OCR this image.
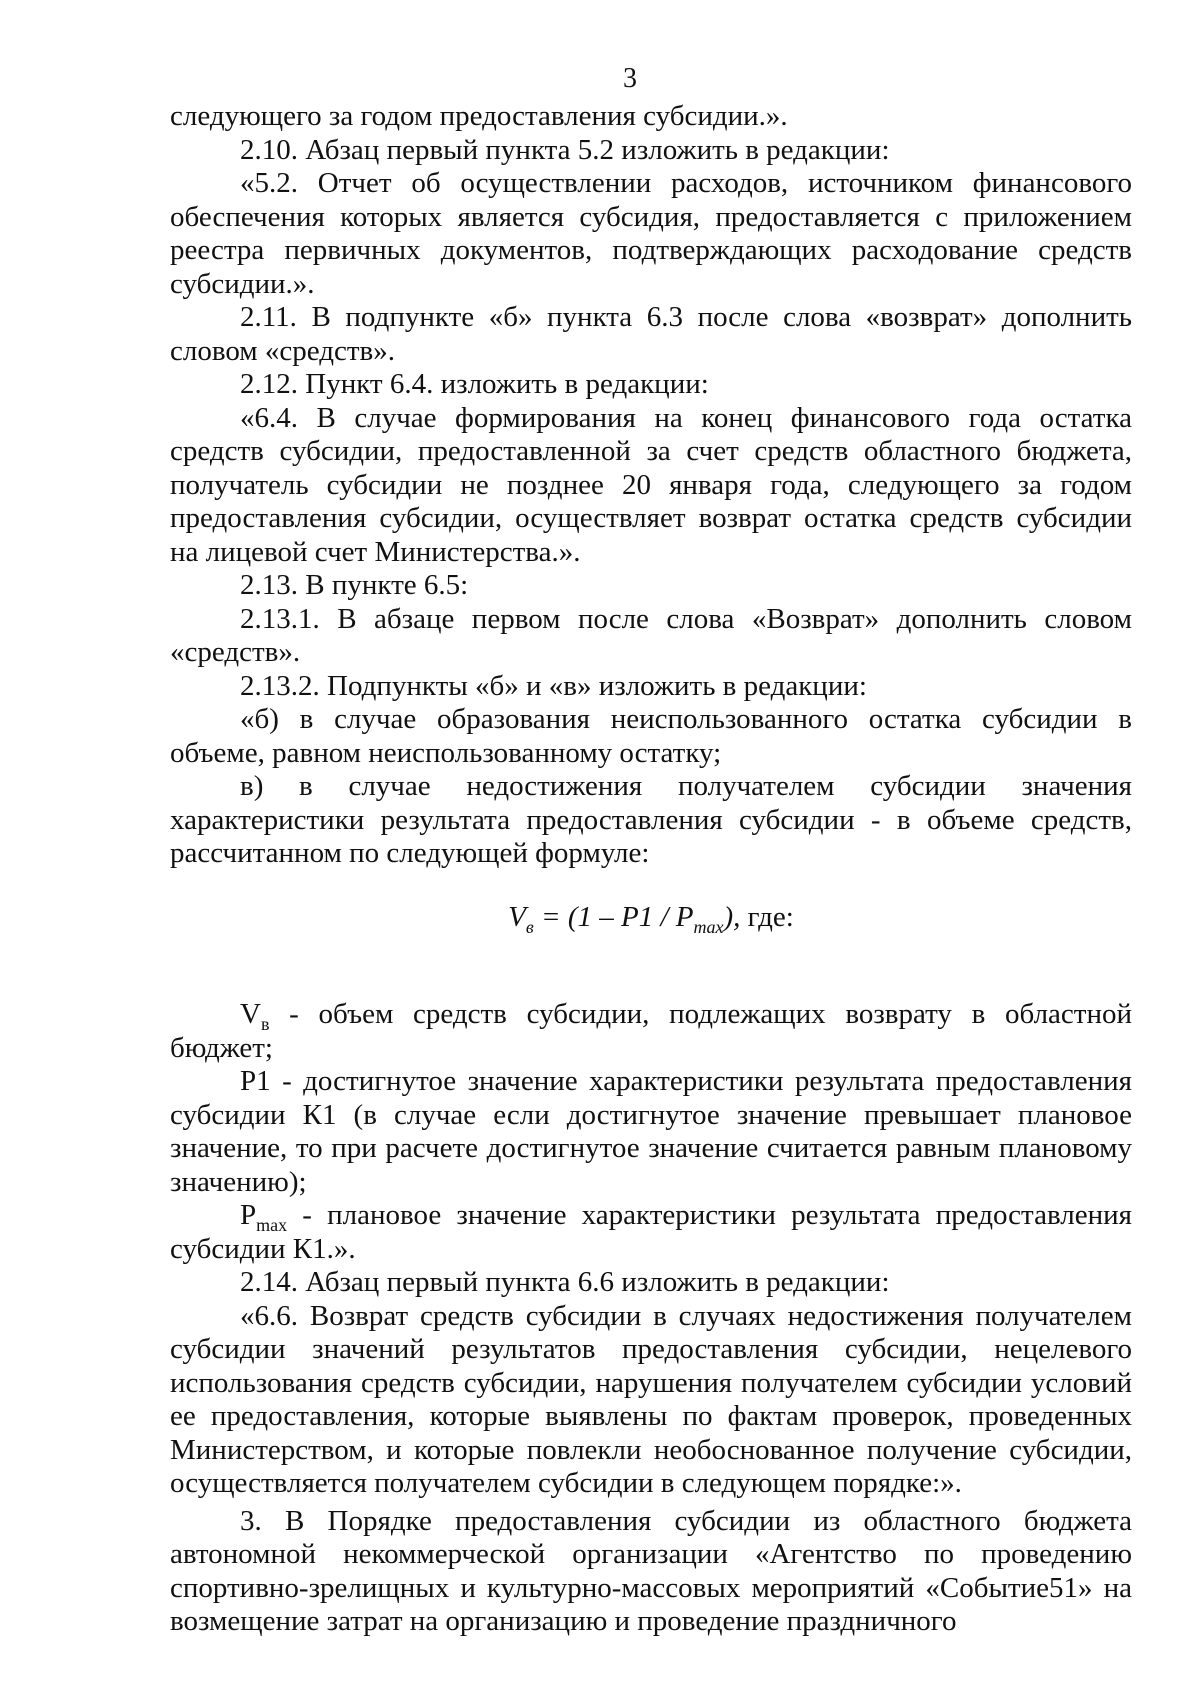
3

следующего за годом предоставления субсидии.».

2.10. Абзац первый пункта 5.2 изложить в редакции:

«5.2. Отчет об осуществлении расходов, источником финансового обеспечения которых является субсидия, предоставляется с приложением реестра первичных документов, подтверждающих расходование средств субсидии.».

2.11. В подпункте «б» пункта 6.3 после слова «возврат» дополнить словом «средств».

2.12. Пункт 6.4. изложить в редакции:

«6.4. В случае формирования на конец финансового года остатка средств субсидии, предоставленной за счет средств областного бюджета, получатель субсидии не позднее 20 января года, следующего за годом предоставления субсидии, осуществляет возврат остатка средств субсидии на лицевой счет Министерства.».

2.13. В пункте 6.5:

2.13.1. В абзаце первом после слова «Возврат» дополнить словом «средств».

2.13.2. Подпункты «б» и «в» изложить в редакции:

«б) в случае образования неиспользованного остатка субсидии в объеме, равном неиспользованному остатку;

в) в случае недостижения получателем субсидии значения характеристики результата предоставления субсидии - в объеме средств, рассчитанном по следующей формуле:

$V_в = (1 - P1 / P_{max})$, где:

$V_в$ - объем средств субсидии, подлежащих возврату в областной бюджет;

P1 - достигнутое значение характеристики результата предоставления субсидии К1 (в случае если достигнутое значение превышает плановое значение, то при расчете достигнутое значение считается равным плановому значению);

$P_{max}$ - плановое значение характеристики результата предоставления субсидии К1.».

2.14. Абзац первый пункта 6.6 изложить в редакции:

«6.6. Возврат средств субсидии в случаях недостижения получателем субсидии значений результатов предоставления субсидии, нецелевого использования средств субсидии, нарушения получателем субсидии условий ее предоставления, которые выявлены по фактам проверок, проведенных Министерством, и которые повлекли необоснованное получение субсидии, осуществляется получателем субсидии в следующем порядке:».

3. В Порядке предоставления субсидии из областного бюджета автономной некоммерческой организации «Агентство по проведению спортивно-зрелищных и культурно-массовых мероприятий «Событие51» на возмещение затрат на организацию и проведение праздничного
